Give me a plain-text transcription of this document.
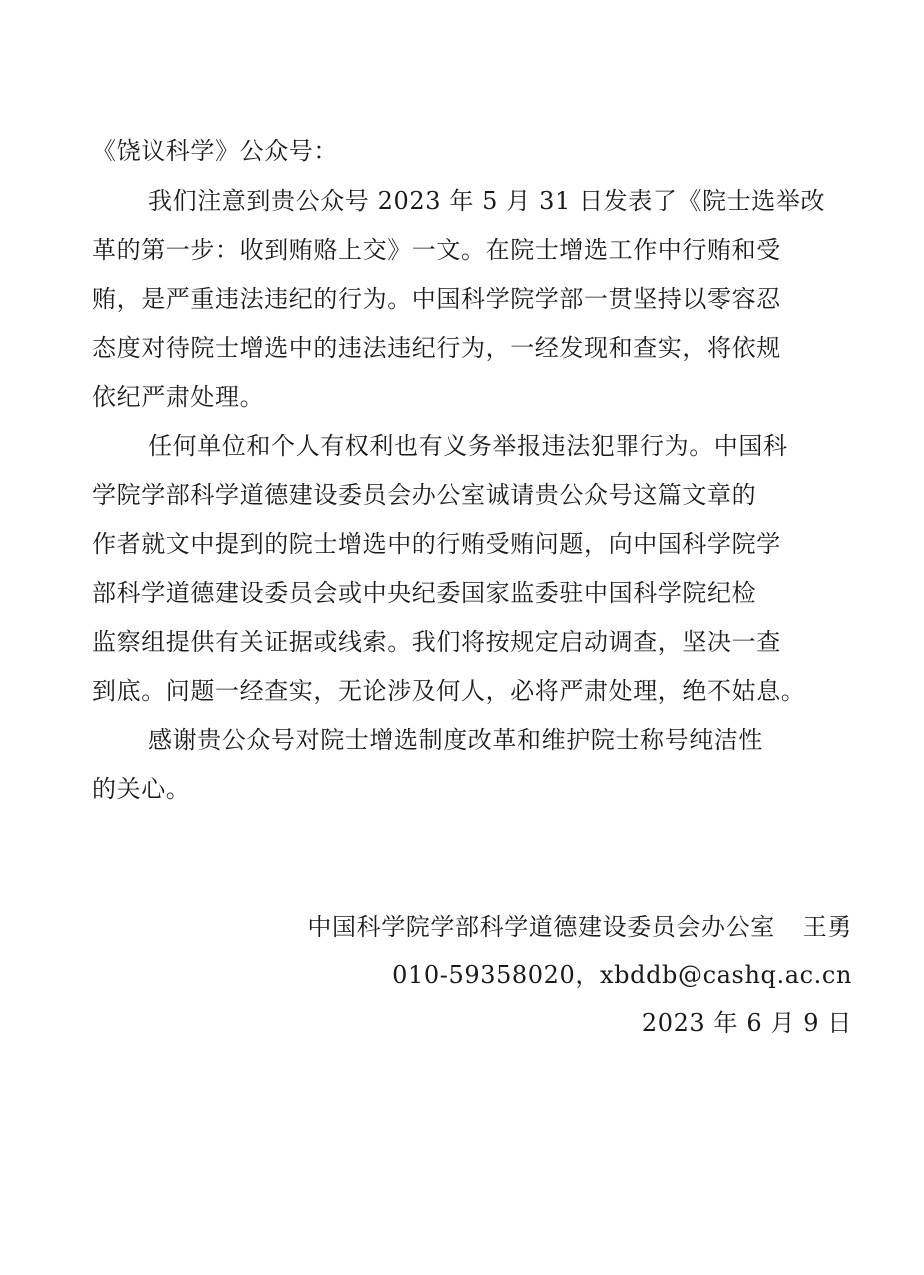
《饶议科学》公众号：
我们注意到贵公众号 2023 年 5 月 31 日发表了《院士选举改
革的第一步：收到贿赂上交》一文。在院士增选工作中行贿和受
贿，是严重违法违纪的行为。中国科学院学部一贯坚持以零容忍
态度对待院士增选中的违法违纪行为，一经发现和查实，将依规
依纪严肃处理。
任何单位和个人有权利也有义务举报违法犯罪行为。中国科
学院学部科学道德建设委员会办公室诚请贵公众号这篇文章的
作者就文中提到的院士增选中的行贿受贿问题，向中国科学院学
部科学道德建设委员会或中央纪委国家监委驻中国科学院纪检
监察组提供有关证据或线索。我们将按规定启动调查，坚决一查
到底。问题一经查实，无论涉及何人，必将严肃处理，绝不姑息。
感谢贵公众号对院士增选制度改革和维护院士称号纯洁性
的关心。
中国科学院学部科学道德建设委员会办公室 王勇
010-59358020，xbddb@cashq.ac.cn
2023 年 6 月 9 日
